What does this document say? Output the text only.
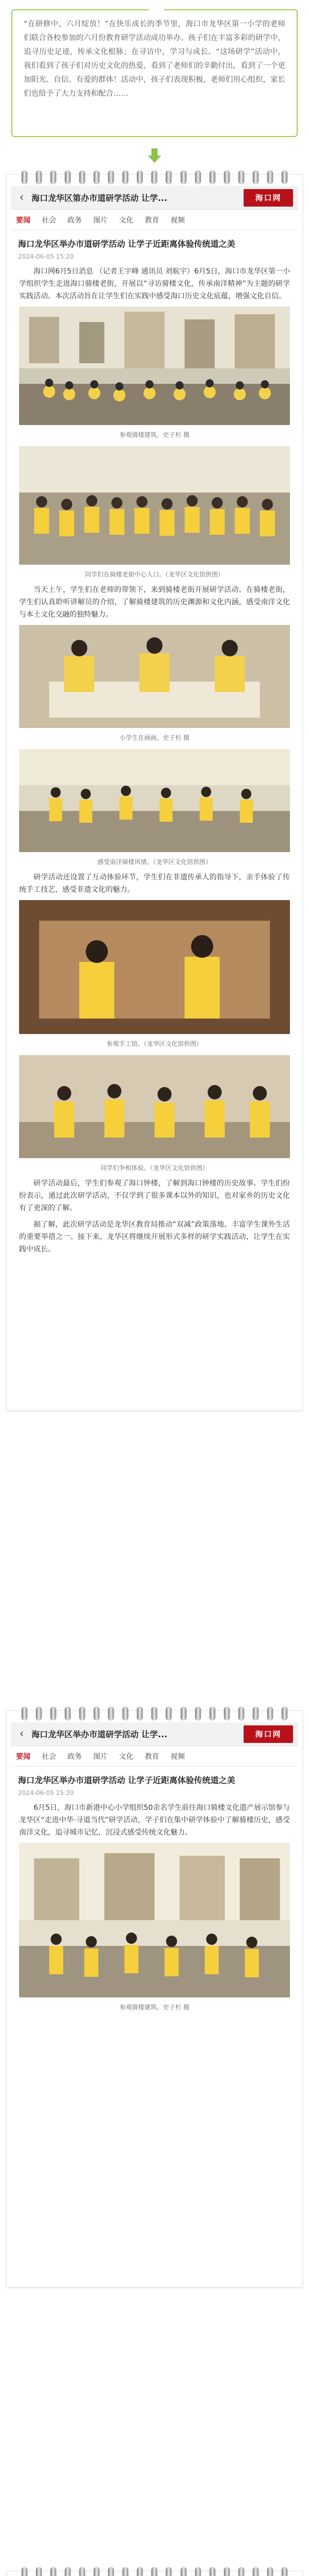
“在研修中，六月绽放！”在快乐成长的季节里，海口市龙华区第一小学的老师们联合各校参加的六月份教育研学活动成功举办。孩子们在丰富多彩的研学中，追寻历史足迹，传承文化根脉；在寻访中，学习与成长。“这场研学”活动中，我们看到了孩子们对历史文化的热爱，看到了老师们的辛勤付出，看到了一个更加阳光、自信、有爱的群体！活动中，孩子们表现积极，老师们用心组织，家长们也给予了大力支持和配合……

‹ 海口龙华区第办市道研学活动 让学...	海口网
要闻 社会 政务 图片 文化 教育 视频
海口龙华区举办市道研学活动 让学子近距离体验传统道之美
2024-06-05 15:20

海口网6月5日消息 （记者王宇峰 通讯员 刘航宇）6月5日，海口市龙华区第一小学组织学生走进海口骑楼老街，开展以“寻访骑楼文化，传承南洋精神”为主题的研学实践活动。本次活动旨在让学生们在实践中感受海口历史文化底蕴，增强文化自信。

参观骑楼建筑。史子杉 摄
同学们在骑楼老街中心人口。（龙华区文化馆供图）

当天上午，学生们在老师的带领下，来到骑楼老街开展研学活动。在骑楼老街，学生们认真聆听讲解员的介绍，了解骑楼建筑的历史渊源和文化内涵，感受南洋文化与本土文化交融的独特魅力。

小学生在画画。史子杉 摄
感受南洋骑楼风情。（龙华区文化馆供图）

研学活动还设置了互动体验环节，学生们在非遗传承人的指导下，亲手体验了传统手工技艺，感受非遗文化的魅力。

参观手工馆。（龙华区文化馆供图）
同学们争相体验。（龙华区文化馆供图）

研学活动最后，学生们参观了海口钟楼，了解到海口钟楼的历史故事。学生们纷纷表示，通过此次研学活动，不仅学到了很多课本以外的知识，也对家乡的历史文化有了更深的了解。

据了解，此次研学活动是龙华区教育局推动“双减”政策落地、丰富学生课外生活的重要举措之一。接下来，龙华区将继续开展形式多样的研学实践活动，让学生在实践中成长。

‹ 海口龙华区举办市道研学活动 让学...	海口网
要闻 社会 政务 图片 文化 教育 视频
海口龙华区举办市道研学活动 让学子近距离体验传统道之美
2024-06-05 15:20

6月5日，海口市新港中心小学组织50余名学生前往海口骑楼文化遗产展示馆参与龙华区“走进中华·寻道当代”研学活动，学子们在集中研学体验中了解骑楼历史，感受南洋文化，追寻城市记忆，沉浸式感受传统文化魅力。

参观骑楼建筑。史子杉 摄
